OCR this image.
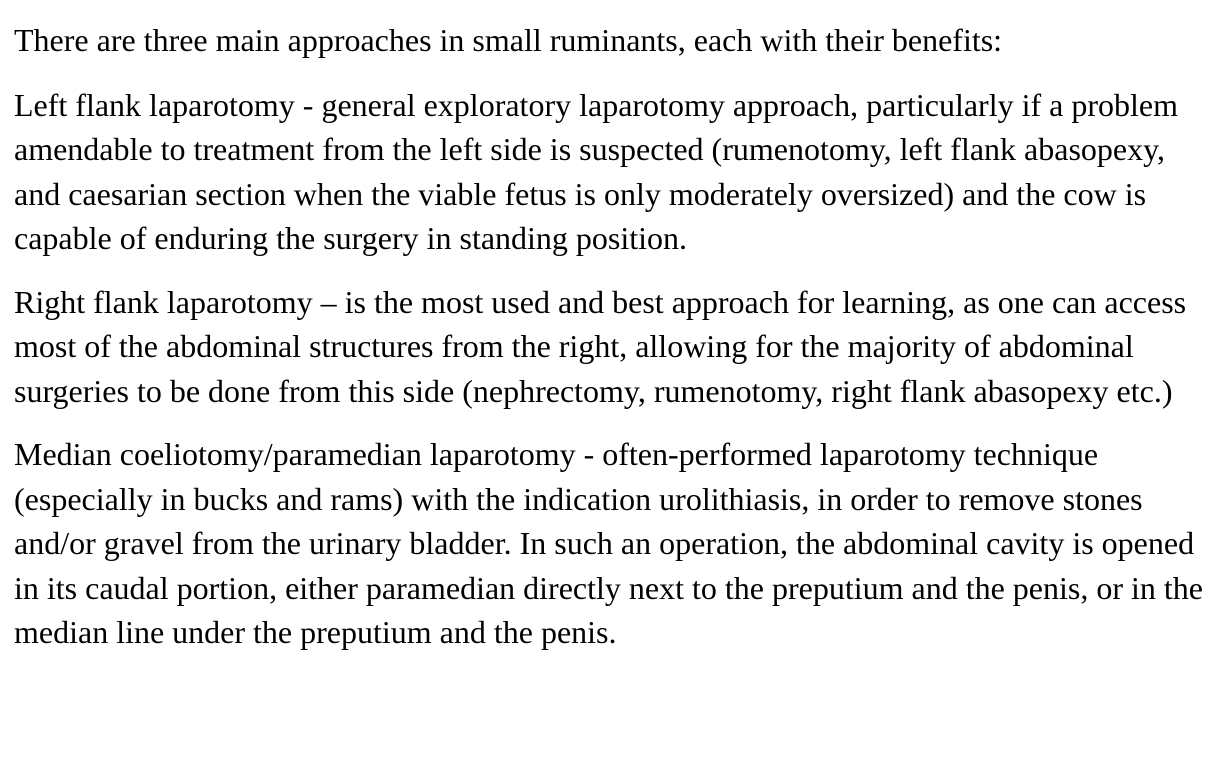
There are three main approaches in small ruminants, each with their benefits:

Left flank laparotomy - general exploratory laparotomy approach, particularly if a problem amendable to treatment from the left side is suspected (rumenotomy, left flank abasopexy, and caesarian section when the viable fetus is only moderately oversized) and the cow is capable of enduring the surgery in standing position.

Right flank laparotomy – is the most used and best approach for learning, as one can access most of the abdominal structures from the right, allowing for the majority of abdominal surgeries to be done from this side (nephrectomy, rumenotomy, right flank abasopexy etc.)

Median coeliotomy/paramedian laparotomy - often-performed laparotomy technique (especially in bucks and rams) with the indication urolithiasis, in order to remove stones and/or gravel from the urinary bladder. In such an operation, the abdominal cavity is opened in its caudal portion, either paramedian directly next to the preputium and the penis, or in the median line under the preputium and the penis.
